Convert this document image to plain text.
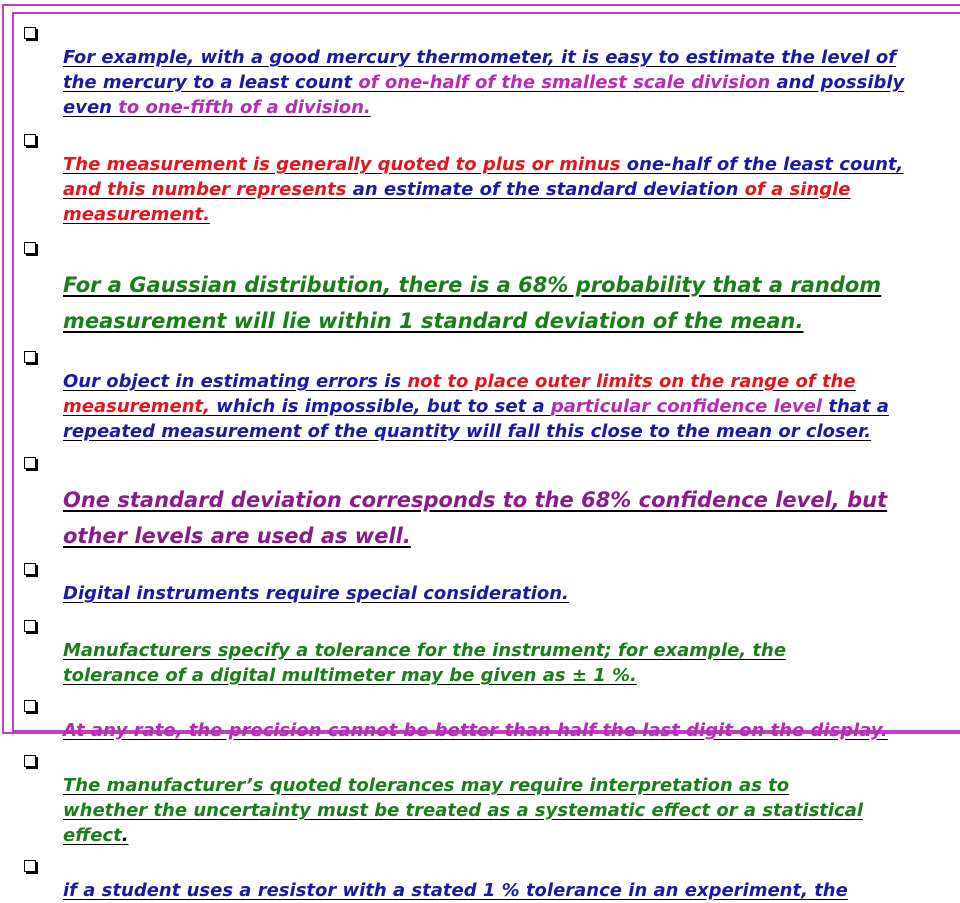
For example, with a good mercury thermometer, it is easy to estimate the level of
the mercury to a least count of one-half of the smallest scale division and possibly
even to one-fifth of a division.

The measurement is generally quoted to plus or minus one-half of the least count,
and this number represents an estimate of the standard deviation of a single
measurement.

For a Gaussian distribution, there is a 68% probability that a random
measurement will lie within 1 standard deviation of the mean.

Our object in estimating errors is not to place outer limits on the range of the
measurement, which is impossible, but to set a particular confidence level that a
repeated measurement of the quantity will fall this close to the mean or closer.

One standard deviation corresponds to the 68% confidence level, but
other levels are used as well.

Digital instruments require special consideration.

Manufacturers specify a tolerance for the instrument; for example, the
tolerance of a digital multimeter may be given as ± 1 %.

At any rate, the precision cannot be better than half the last digit on the display.

The manufacturer’s quoted tolerances may require interpretation as to
whether the uncertainty must be treated as a systematic effect or a statistical
effect.

if a student uses a resistor with a stated 1 % tolerance in an experiment, the
